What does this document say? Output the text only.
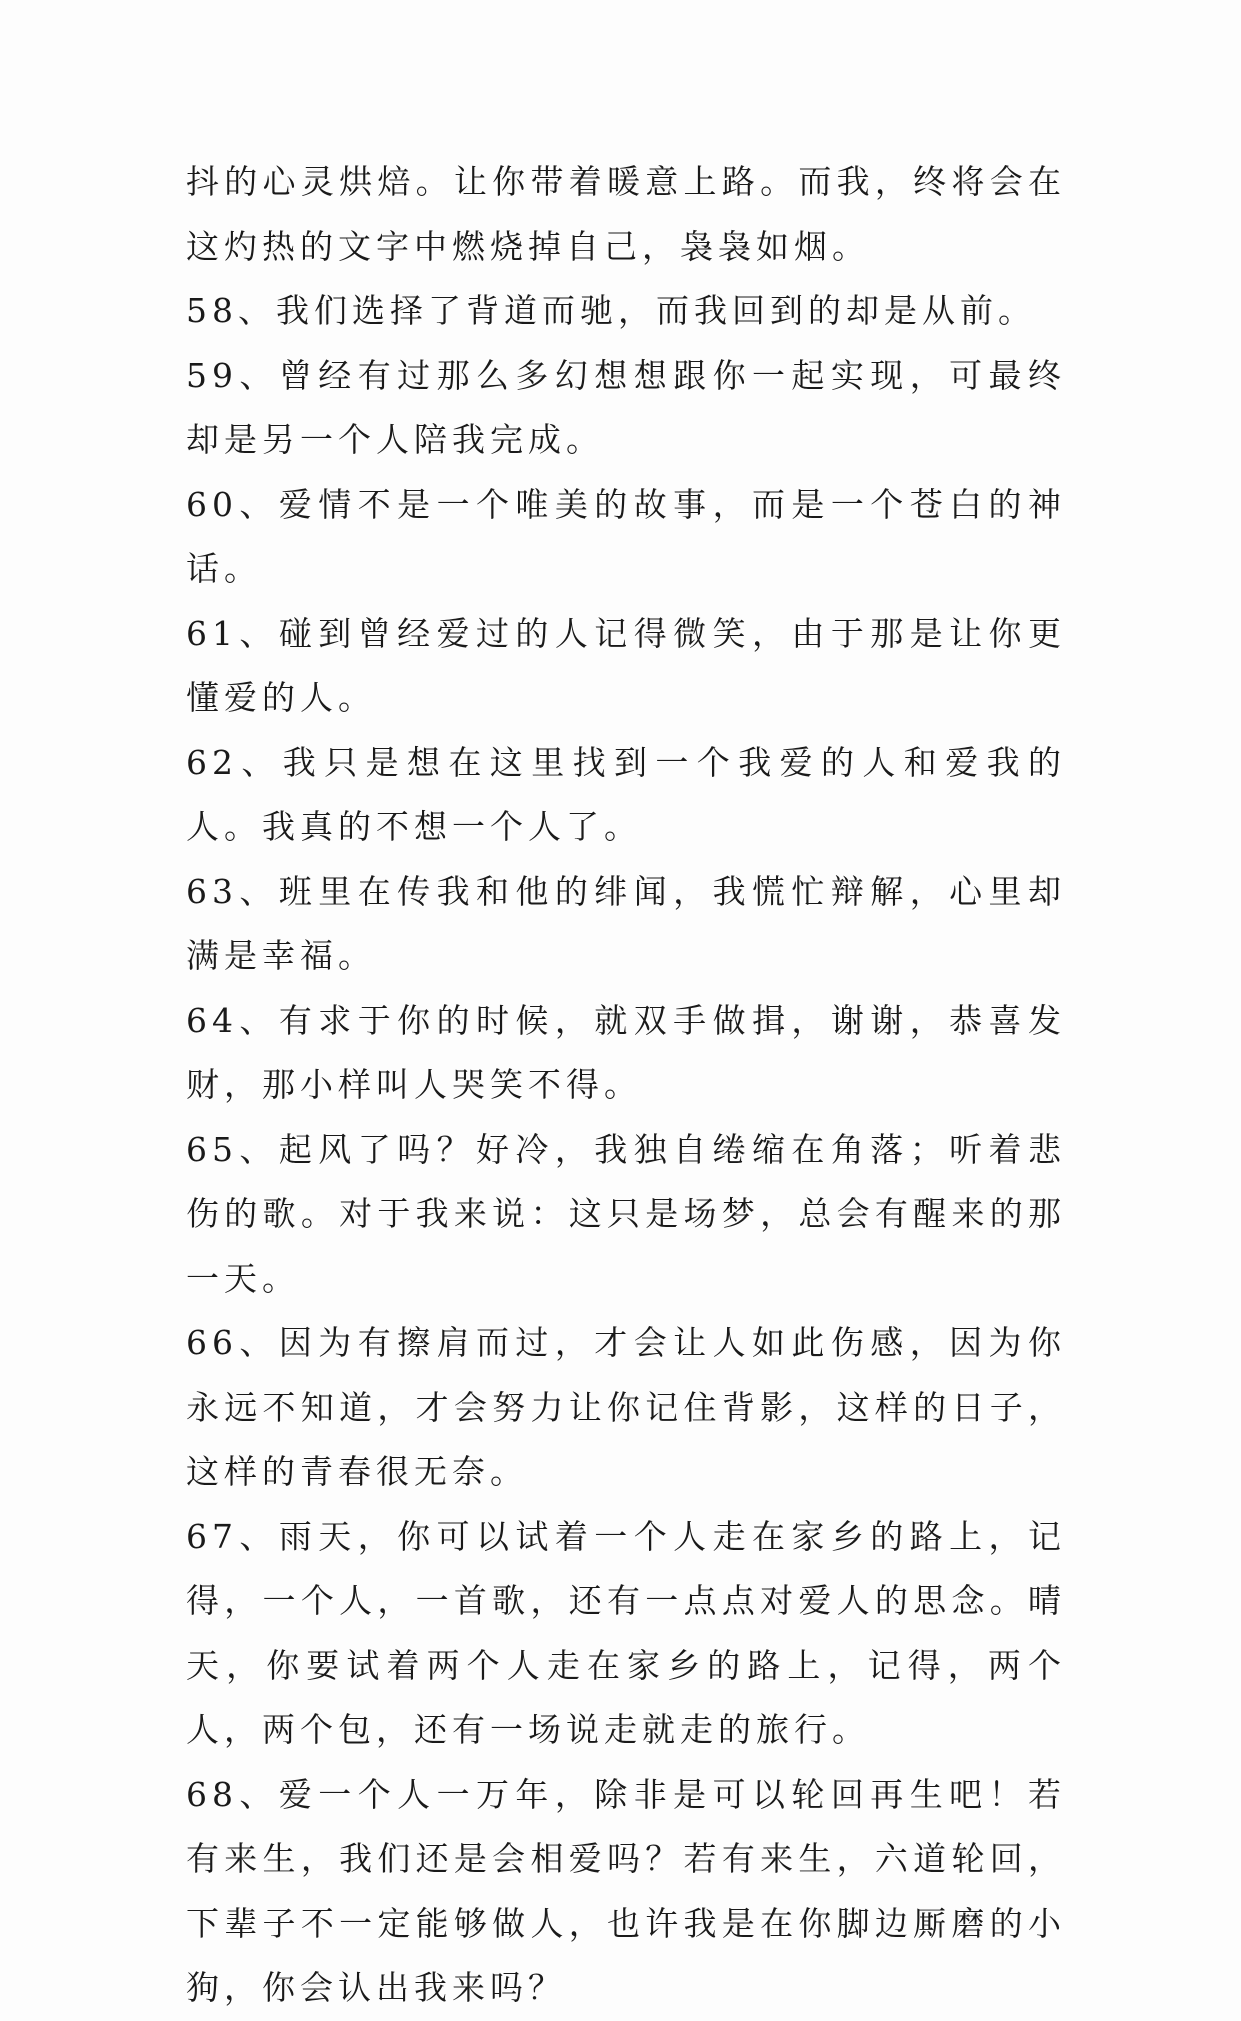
抖的心灵烘焙。让你带着暖意上路。而我，终将会在这灼热的文字中燃烧掉自己，袅袅如烟。

58、我们选择了背道而驰，而我回到的却是从前。

59、曾经有过那么多幻想想跟你一起实现，可最终却是另一个人陪我完成。

60、爱情不是一个唯美的故事，而是一个苍白的神话。

61、碰到曾经爱过的人记得微笑，由于那是让你更懂爱的人。

62、我只是想在这里找到一个我爱的人和爱我的人。我真的不想一个人了。

63、班里在传我和他的绯闻，我慌忙辩解，心里却满是幸福。

64、有求于你的时候，就双手做揖，谢谢，恭喜发财，那小样叫人哭笑不得。

65、起风了吗？好冷，我独自绻缩在角落；听着悲伤的歌。对于我来说：这只是场梦，总会有醒来的那一天。

66、因为有擦肩而过，才会让人如此伤感，因为你永远不知道，才会努力让你记住背影，这样的日子，这样的青春很无奈。

67、雨天，你可以试着一个人走在家乡的路上，记得，一个人，一首歌，还有一点点对爱人的思念。晴天，你要试着两个人走在家乡的路上，记得，两个人，两个包，还有一场说走就走的旅行。

68、爱一个人一万年，除非是可以轮回再生吧！若有来生，我们还是会相爱吗？若有来生，六道轮回，下辈子不一定能够做人，也许我是在你脚边厮磨的小狗，你会认出我来吗？
